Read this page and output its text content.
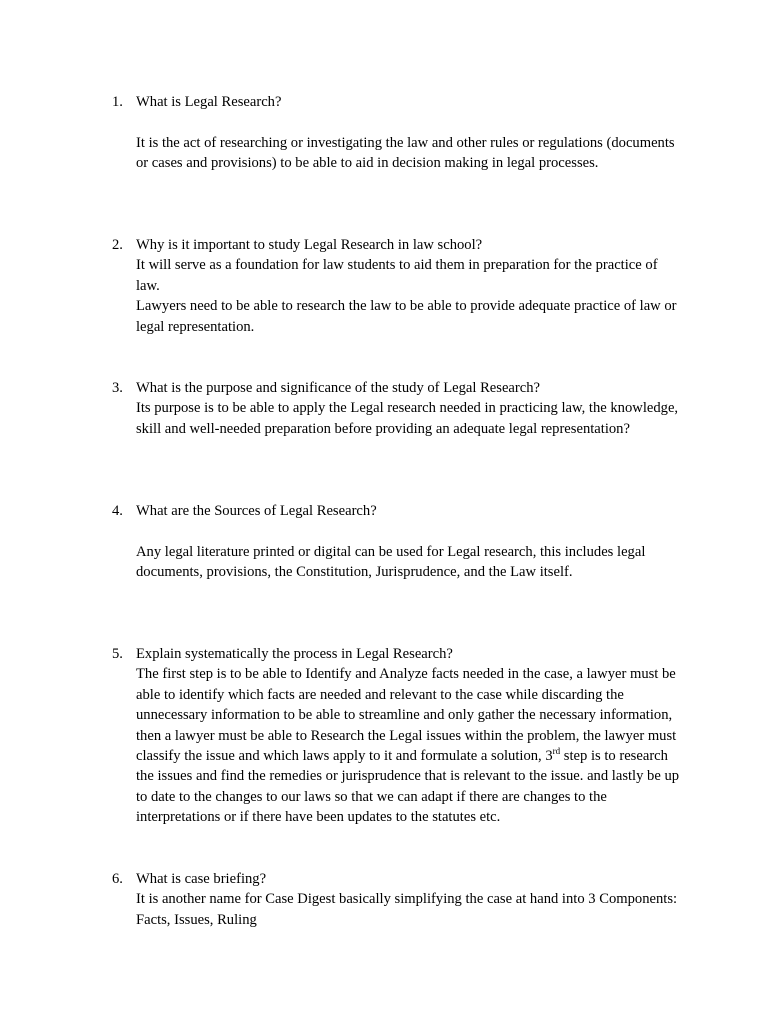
1. What is Legal Research?

It is the act of researching or investigating the law and other rules or regulations (documents or cases and provisions) to be able to aid in decision making in legal processes.

2. Why is it important to study Legal Research in law school?

It will serve as a foundation for law students to aid them in preparation for the practice of law.

Lawyers need to be able to research the law to be able to provide adequate practice of law or legal representation.

3. What is the purpose and significance of the study of Legal Research?

Its purpose is to be able to apply the Legal research needed in practicing law, the knowledge, skill and well-needed preparation before providing an adequate legal representation?

4. What are the Sources of Legal Research?

Any legal literature printed or digital can be used for Legal research, this includes legal documents, provisions, the Constitution, Jurisprudence, and the Law itself.

5. Explain systematically the process in Legal Research?

The first step is to be able to Identify and Analyze facts needed in the case, a lawyer must be able to identify which facts are needed and relevant to the case while discarding the unnecessary information to be able to streamline and only gather the necessary information, then a lawyer must be able to Research the Legal issues within the problem, the lawyer must classify the issue and which laws apply to it and formulate a solution, 3rd step is to research the issues and find the remedies or jurisprudence that is relevant to the issue. and lastly be up to date to the changes to our laws so that we can adapt if there are changes to the interpretations or if there have been updates to the statutes etc.

6. What is case briefing?

It is another name for Case Digest basically simplifying the case at hand into 3 Components: Facts, Issues, Ruling
